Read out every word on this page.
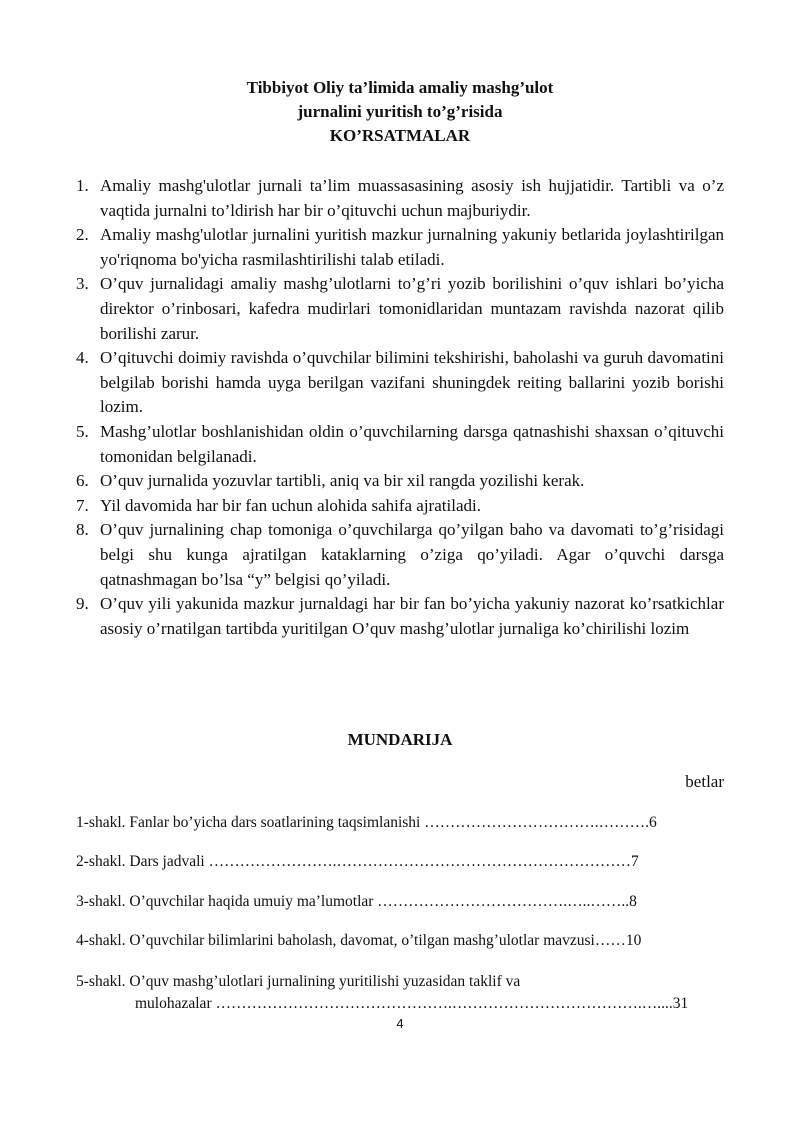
Tibbiyot Oliy ta’limida amaliy mashg’ulot
jurnalini yuritish to’g’risida
KO’RSATMALAR
1. Amaliy mashg'ulotlar jurnali ta’lim muassasasining asosiy ish hujjatidir. Tartibli va o’z vaqtida jurnalni to’ldirish har bir o’qituvchi uchun majburiydir.
2. Amaliy mashg'ulotlar jurnalini yuritish mazkur jurnalning yakuniy betlarida joylashtirilgan yo'riqnoma bo'yicha rasmilashtirilishi talab etiladi.
3. O’quv jurnalidagi amaliy mashg’ulotlarni to’g’ri yozib borilishini o’quv ishlari bo’yicha direktor o’rinbosari, kafedra mudirlari tomonidlaridan muntazam ravishda nazorat qilib borilishi zarur.
4. O’qituvchi doimiy ravishda o’quvchilar bilimini tekshirishi, baholashi va guruh davomatini belgilab borishi hamda uyga berilgan vazifani shuningdek reiting ballarini yozib borishi lozim.
5. Mashg’ulotlar boshlanishidan oldin o’quvchilarning darsga qatnashishi shaxsan o’qituvchi tomonidan belgilanadi.
6. O’quv jurnalida yozuvlar tartibli, aniq va bir xil rangda yozilishi kerak.
7. Yil davomida har bir fan uchun alohida sahifa ajratiladi.
8. O’quv jurnalining chap tomoniga o’quvchilarga qo’yilgan baho va davomati to’g’risidagi belgi shu kunga ajratilgan kataklarning o’ziga qo’yiladi. Agar o’quvchi darsga qatnashmagan bo’lsa “y” belgisi qo’yiladi.
9. O’quv yili yakunida mazkur jurnaldagi har bir fan bo’yicha yakuniy nazorat ko’rsatkichlar asosiy o’rnatilgan tartibda yuritilgan O’quv mashg’ulotlar jurnaliga ko’chirilishi lozim
MUNDARIJA
betlar
1-shakl. Fanlar bo’yicha dars soatlarining taqsimlanishi …………………………….……….6
2-shakl. Dars jadvali …………………….…………………………………………………7
3-shakl. O’quvchilar haqida umuiy ma’lumotlar ……………………………….…..……..8
4-shakl. O’quvchilar bilimlarini baholash, davomat, o’tilgan mashg’ulotlar mavzusi……10
5-shakl. O’quv mashg’ulotlari jurnalining yuritilishi yuzasidan taklif va
mulohazalar ……………………………………….……………………………….…....31
4
